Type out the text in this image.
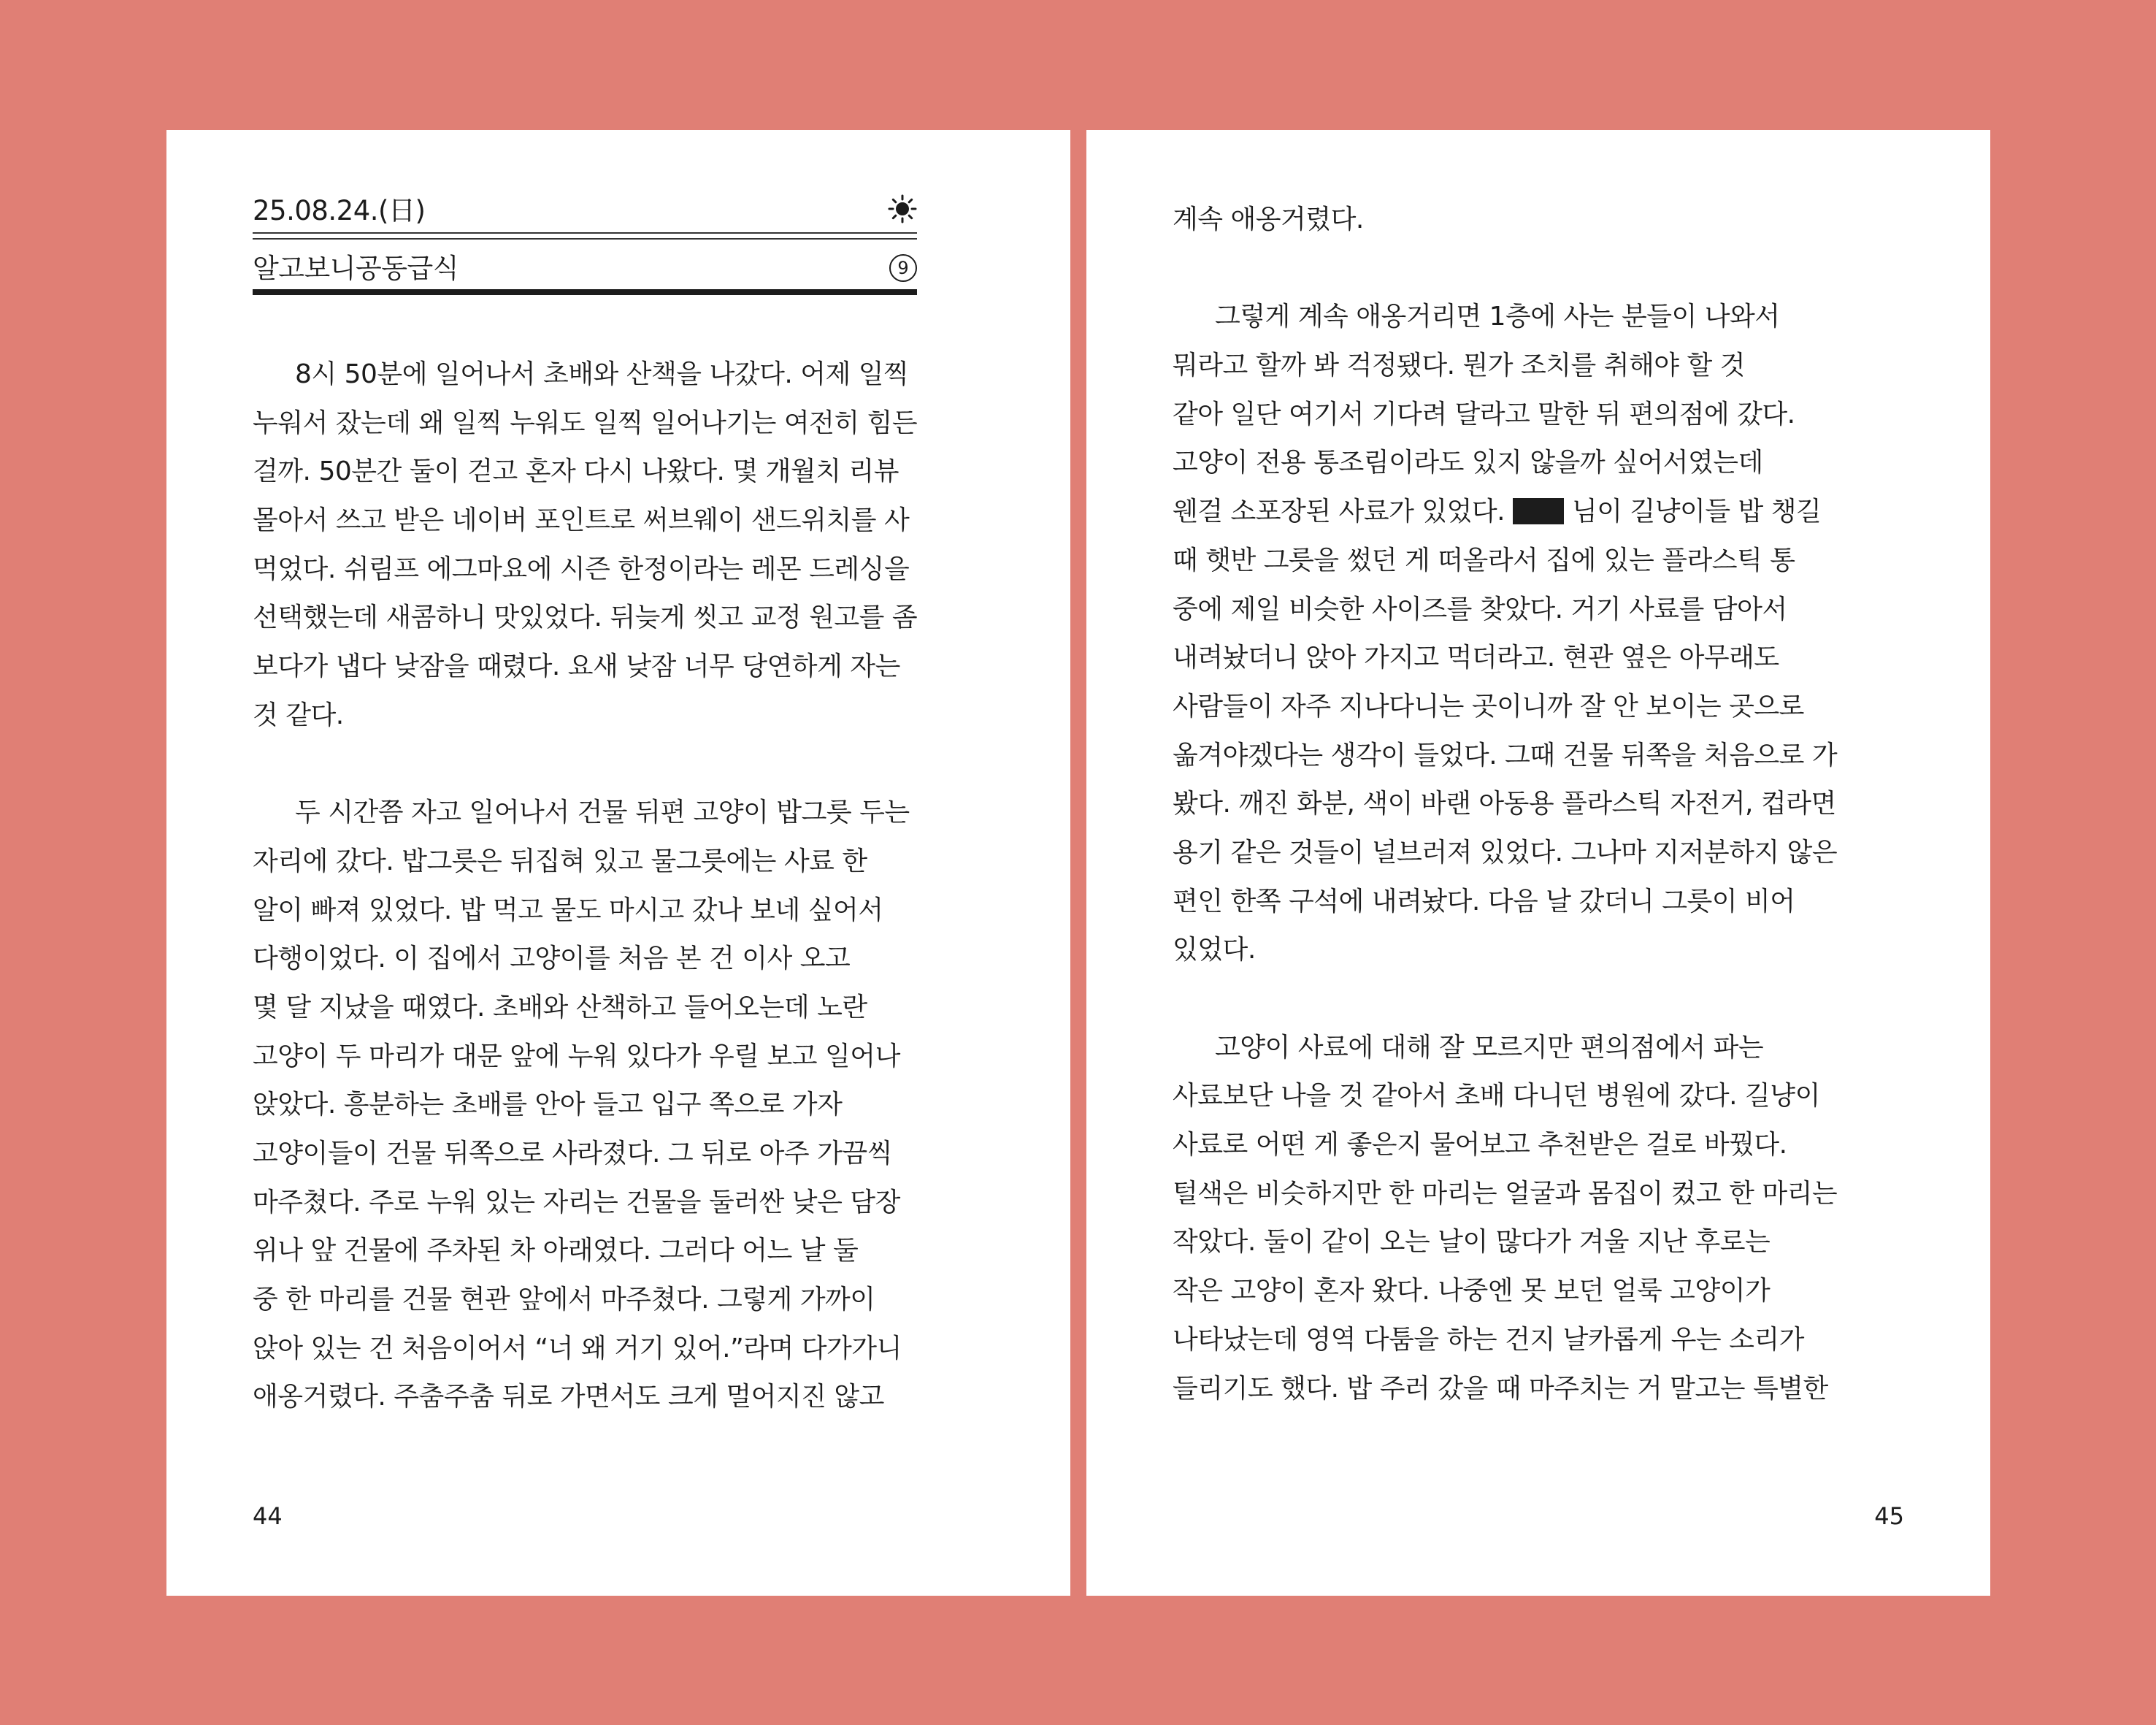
25.08.24.(日)
알고보니공동급식	9
8시 50분에 일어나서 초배와 산책을 나갔다. 어제 일찍
누워서 잤는데 왜 일찍 누워도 일찍 일어나기는 여전히 힘든
걸까. 50분간 둘이 걷고 혼자 다시 나왔다. 몇 개월치 리뷰
몰아서 쓰고 받은 네이버 포인트로 써브웨이 샌드위치를 사
먹었다. 쉬림프 에그마요에 시즌 한정이라는 레몬 드레싱을
선택했는데 새콤하니 맛있었다. 뒤늦게 씻고 교정 원고를 좀
보다가 냅다 낮잠을 때렸다. 요새 낮잠 너무 당연하게 자는
것 같다.
두 시간쯤 자고 일어나서 건물 뒤편 고양이 밥그릇 두는
자리에 갔다. 밥그릇은 뒤집혀 있고 물그릇에는 사료 한
알이 빠져 있었다. 밥 먹고 물도 마시고 갔나 보네 싶어서
다행이었다. 이 집에서 고양이를 처음 본 건 이사 오고
몇 달 지났을 때였다. 초배와 산책하고 들어오는데 노란
고양이 두 마리가 대문 앞에 누워 있다가 우릴 보고 일어나
앉았다. 흥분하는 초배를 안아 들고 입구 쪽으로 가자
고양이들이 건물 뒤쪽으로 사라졌다. 그 뒤로 아주 가끔씩
마주쳤다. 주로 누워 있는 자리는 건물을 둘러싼 낮은 담장
위나 앞 건물에 주차된 차 아래였다. 그러다 어느 날 둘
중 한 마리를 건물 현관 앞에서 마주쳤다. 그렇게 가까이
앉아 있는 건 처음이어서 “너 왜 거기 있어.”라며 다가가니
애옹거렸다. 주춤주춤 뒤로 가면서도 크게 멀어지진 않고
44
계속 애옹거렸다.
그렇게 계속 애옹거리면 1층에 사는 분들이 나와서
뭐라고 할까 봐 걱정됐다. 뭔가 조치를 취해야 할 것
같아 일단 여기서 기다려 달라고 말한 뒤 편의점에 갔다.
고양이 전용 통조림이라도 있지 않을까 싶어서였는데
웬걸 소포장된 사료가 있었다.	님이 길냥이들 밥 챙길
때 햇반 그릇을 썼던 게 떠올라서 집에 있는 플라스틱 통
중에 제일 비슷한 사이즈를 찾았다. 거기 사료를 담아서
내려놨더니 앉아 가지고 먹더라고. 현관 옆은 아무래도
사람들이 자주 지나다니는 곳이니까 잘 안 보이는 곳으로
옮겨야겠다는 생각이 들었다. 그때 건물 뒤쪽을 처음으로 가
봤다. 깨진 화분, 색이 바랜 아동용 플라스틱 자전거, 컵라면
용기 같은 것들이 널브러져 있었다. 그나마 지저분하지 않은
편인 한쪽 구석에 내려놨다. 다음 날 갔더니 그릇이 비어
있었다.
고양이 사료에 대해 잘 모르지만 편의점에서 파는
사료보단 나을 것 같아서 초배 다니던 병원에 갔다. 길냥이
사료로 어떤 게 좋은지 물어보고 추천받은 걸로 바꿨다.
털색은 비슷하지만 한 마리는 얼굴과 몸집이 컸고 한 마리는
작았다. 둘이 같이 오는 날이 많다가 겨울 지난 후로는
작은 고양이 혼자 왔다. 나중엔 못 보던 얼룩 고양이가
나타났는데 영역 다툼을 하는 건지 날카롭게 우는 소리가
들리기도 했다. 밥 주러 갔을 때 마주치는 거 말고는 특별한
45
